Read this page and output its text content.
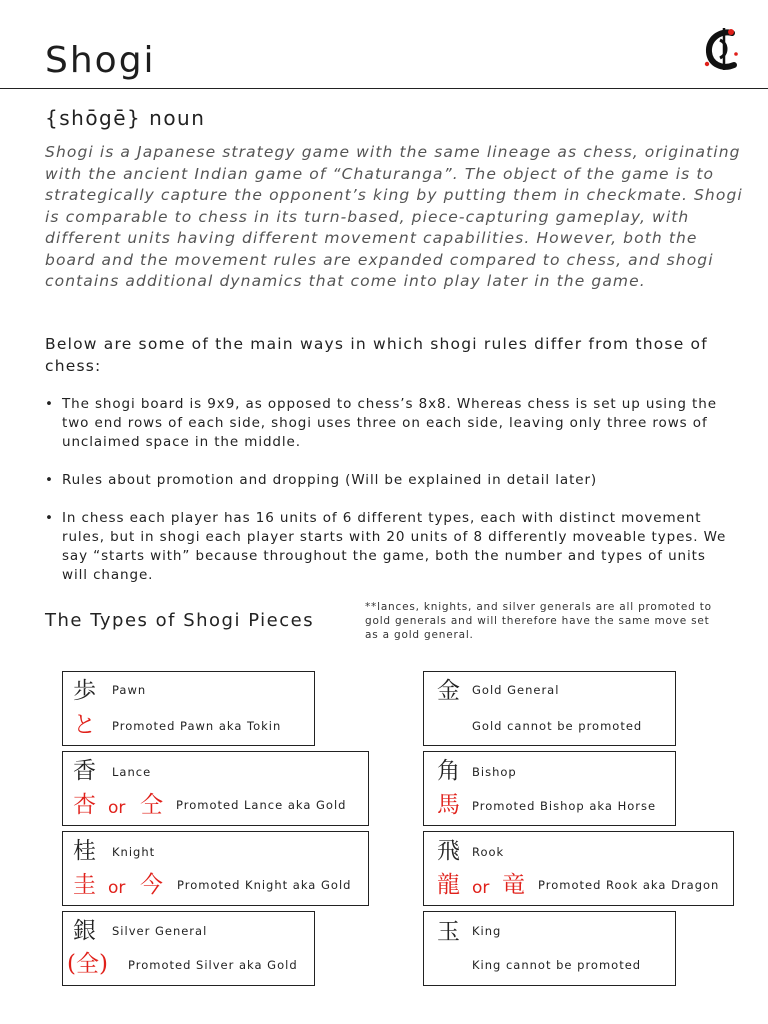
Shogi
{shōgē} noun

Shogi is a Japanese strategy game with the same lineage as chess, originating with the ancient Indian game of “Chaturanga”. The object of the game is to strategically capture the opponent’s king by putting them in checkmate. Shogi is comparable to chess in its turn-based, piece-capturing gameplay, with different units having different movement capabilities. However, both the board and the movement rules are expanded compared to chess, and shogi contains additional dynamics that come into play later in the game.

Below are some of the main ways in which shogi rules differ from those of chess:

• The shogi board is 9x9, as opposed to chess’s 8x8. Whereas chess is set up using the two end rows of each side, shogi uses three on each side, leaving only three rows of unclaimed space in the middle.
• Rules about promotion and dropping (Will be explained in detail later)
• In chess each player has 16 units of 6 different types, each with distinct movement rules, but in shogi each player starts with 20 units of 8 differently moveable types. We say “starts with” because throughout the game, both the number and types of units will change.
The Types of Shogi Pieces
**lances, knights, and silver generals are all promoted to gold generals and will therefore have the same move set as a gold general.
歩 Pawn
と Promoted Pawn aka Tokin
香 Lance
杏 or 仝 Promoted Lance aka Gold
桂 Knight
圭 or 今 Promoted Knight aka Gold
銀 Silver General
(全) Promoted Silver aka Gold
金 Gold General
Gold cannot be promoted
角 Bishop
馬 Promoted Bishop aka Horse
飛 Rook
龍 or 竜 Promoted Rook aka Dragon
玉 King
King cannot be promoted
